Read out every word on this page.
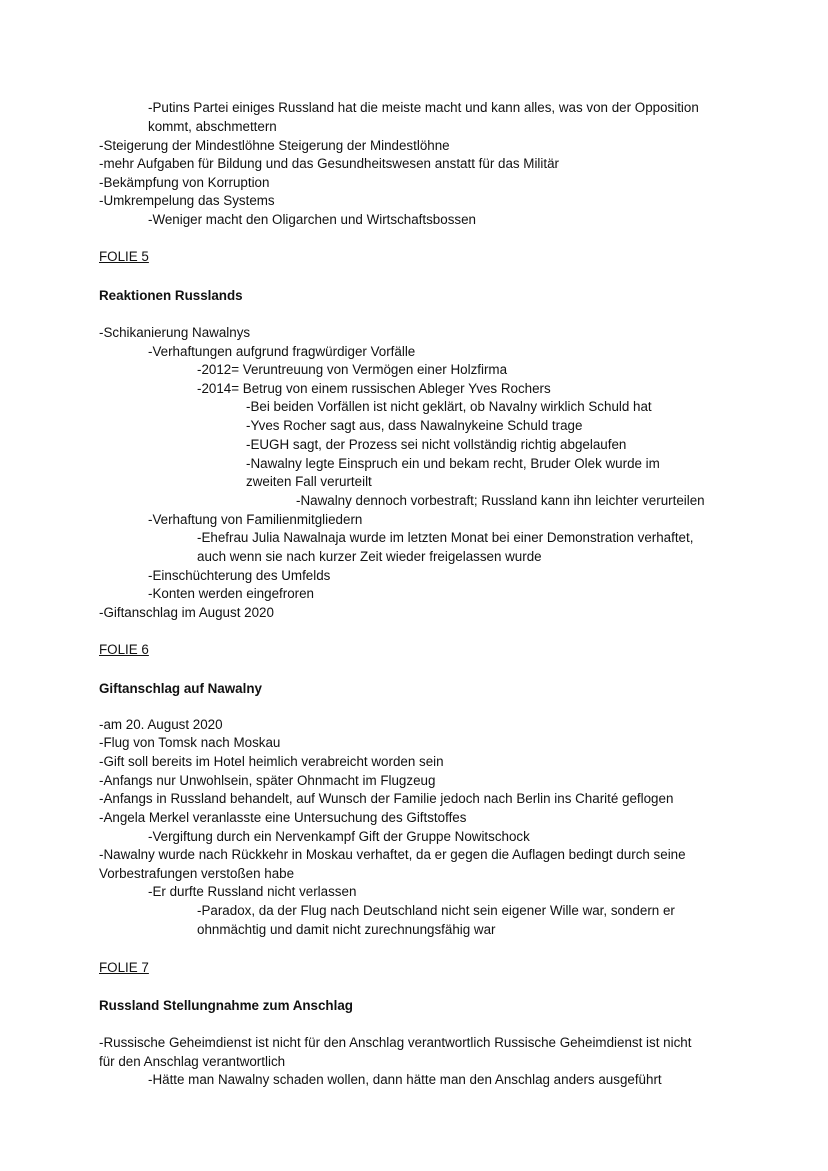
-Putins Partei einiges Russland hat die meiste macht und kann alles, was von der Opposition
kommt, abschmettern
-Steigerung der Mindestlöhne Steigerung der Mindestlöhne
-mehr Aufgaben für Bildung und das Gesundheitswesen anstatt für das Militär
-Bekämpfung von Korruption
-Umkrempelung das Systems
-Weniger macht den Oligarchen und Wirtschaftsbossen
FOLIE 5
Reaktionen Russlands
-Schikanierung Nawalnys
-Verhaftungen aufgrund fragwürdiger Vorfälle
-2012= Veruntreuung von Vermögen einer Holzfirma
-2014= Betrug von einem russischen Ableger Yves Rochers
-Bei beiden Vorfällen ist nicht geklärt, ob Navalny wirklich Schuld hat
-Yves Rocher sagt aus, dass Nawalnykeine Schuld trage
-EUGH sagt, der Prozess sei nicht vollständig richtig abgelaufen
-Nawalny legte Einspruch ein und bekam recht, Bruder Olek wurde im
zweiten Fall verurteilt
-Nawalny dennoch vorbestraft; Russland kann ihn leichter verurteilen
-Verhaftung von Familienmitgliedern
-Ehefrau Julia Nawalnaja wurde im letzten Monat bei einer Demonstration verhaftet,
auch wenn sie nach kurzer Zeit wieder freigelassen wurde
-Einschüchterung des Umfelds
-Konten werden eingefroren
-Giftanschlag im August 2020
FOLIE 6
Giftanschlag auf Nawalny
-am 20. August 2020
-Flug von Tomsk nach Moskau
-Gift soll bereits im Hotel heimlich verabreicht worden sein
-Anfangs nur Unwohlsein, später Ohnmacht im Flugzeug
-Anfangs in Russland behandelt, auf Wunsch der Familie jedoch nach Berlin ins Charité geflogen
-Angela Merkel veranlasste eine Untersuchung des Giftstoffes
-Vergiftung durch ein Nervenkampf Gift der Gruppe Nowitschock
-Nawalny wurde nach Rückkehr in Moskau verhaftet, da er gegen die Auflagen bedingt durch seine
Vorbestrafungen verstoßen habe
-Er durfte Russland nicht verlassen
-Paradox, da der Flug nach Deutschland nicht sein eigener Wille war, sondern er
ohnmächtig und damit nicht zurechnungsfähig war
FOLIE 7
Russland Stellungnahme zum Anschlag
-Russische Geheimdienst ist nicht für den Anschlag verantwortlich Russische Geheimdienst ist nicht
für den Anschlag verantwortlich
-Hätte man Nawalny schaden wollen, dann hätte man den Anschlag anders ausgeführt
